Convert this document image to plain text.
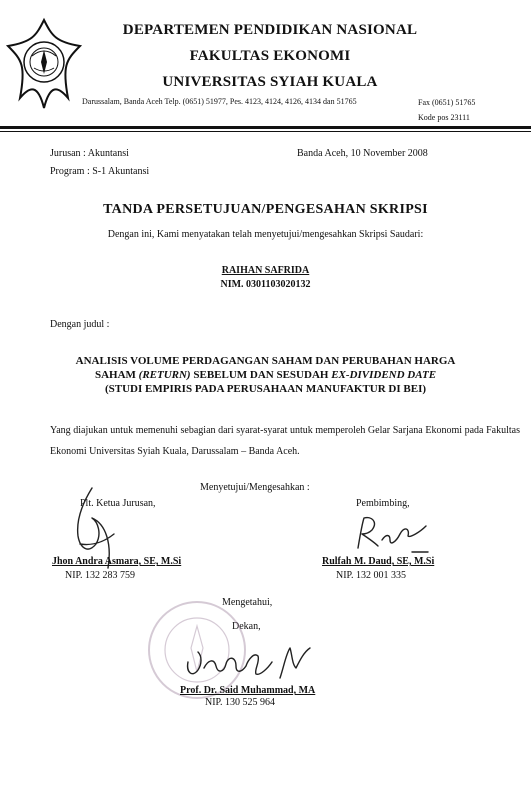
DEPARTEMEN PENDIDIKAN NASIONAL
FAKULTAS EKONOMI
UNIVERSITAS SYIAH KUALA
Darussalam, Banda Aceh Telp. (0651) 51977, Pes. 4123, 4124, 4126, 4134 dan 51765	Fax (0651) 51765
Kode pos 23111
Jurusan : Akuntansi
Program : S-1 Akuntansi
Banda Aceh, 10 November 2008
TANDA PERSETUJUAN/PENGESAHAN SKRIPSI
Dengan ini, Kami menyatakan telah menyetujui/mengesahkan Skripsi Saudari:
RAIHAN SAFRIDA
NIM. 0301103020132
Dengan judul :
ANALISIS VOLUME PERDAGANGAN SAHAM DAN PERUBAHAN HARGA
SAHAM (RETURN) SEBELUM DAN SESUDAH EX-DIVIDEND DATE
(STUDI EMPIRIS PADA PERUSAHAAN MANUFAKTUR DI BEI)
Yang diajukan untuk memenuhi sebagian dari syarat-syarat untuk memperoleh Gelar Sarjana Ekonomi pada Fakultas Ekonomi Universitas Syiah Kuala, Darussalam – Banda Aceh.
Menyetujui/Mengesahkan :
Plt. Ketua Jurusan,
Jhon Andra Asmara, SE, M.Si
NIP. 132 283 759
Pembimbing,
Rulfah M. Daud, SE, M.Si
NIP. 132 001 335
Mengetahui,
Dekan,
Prof. Dr. Said Muhammad, MA
NIP. 130 525 964
